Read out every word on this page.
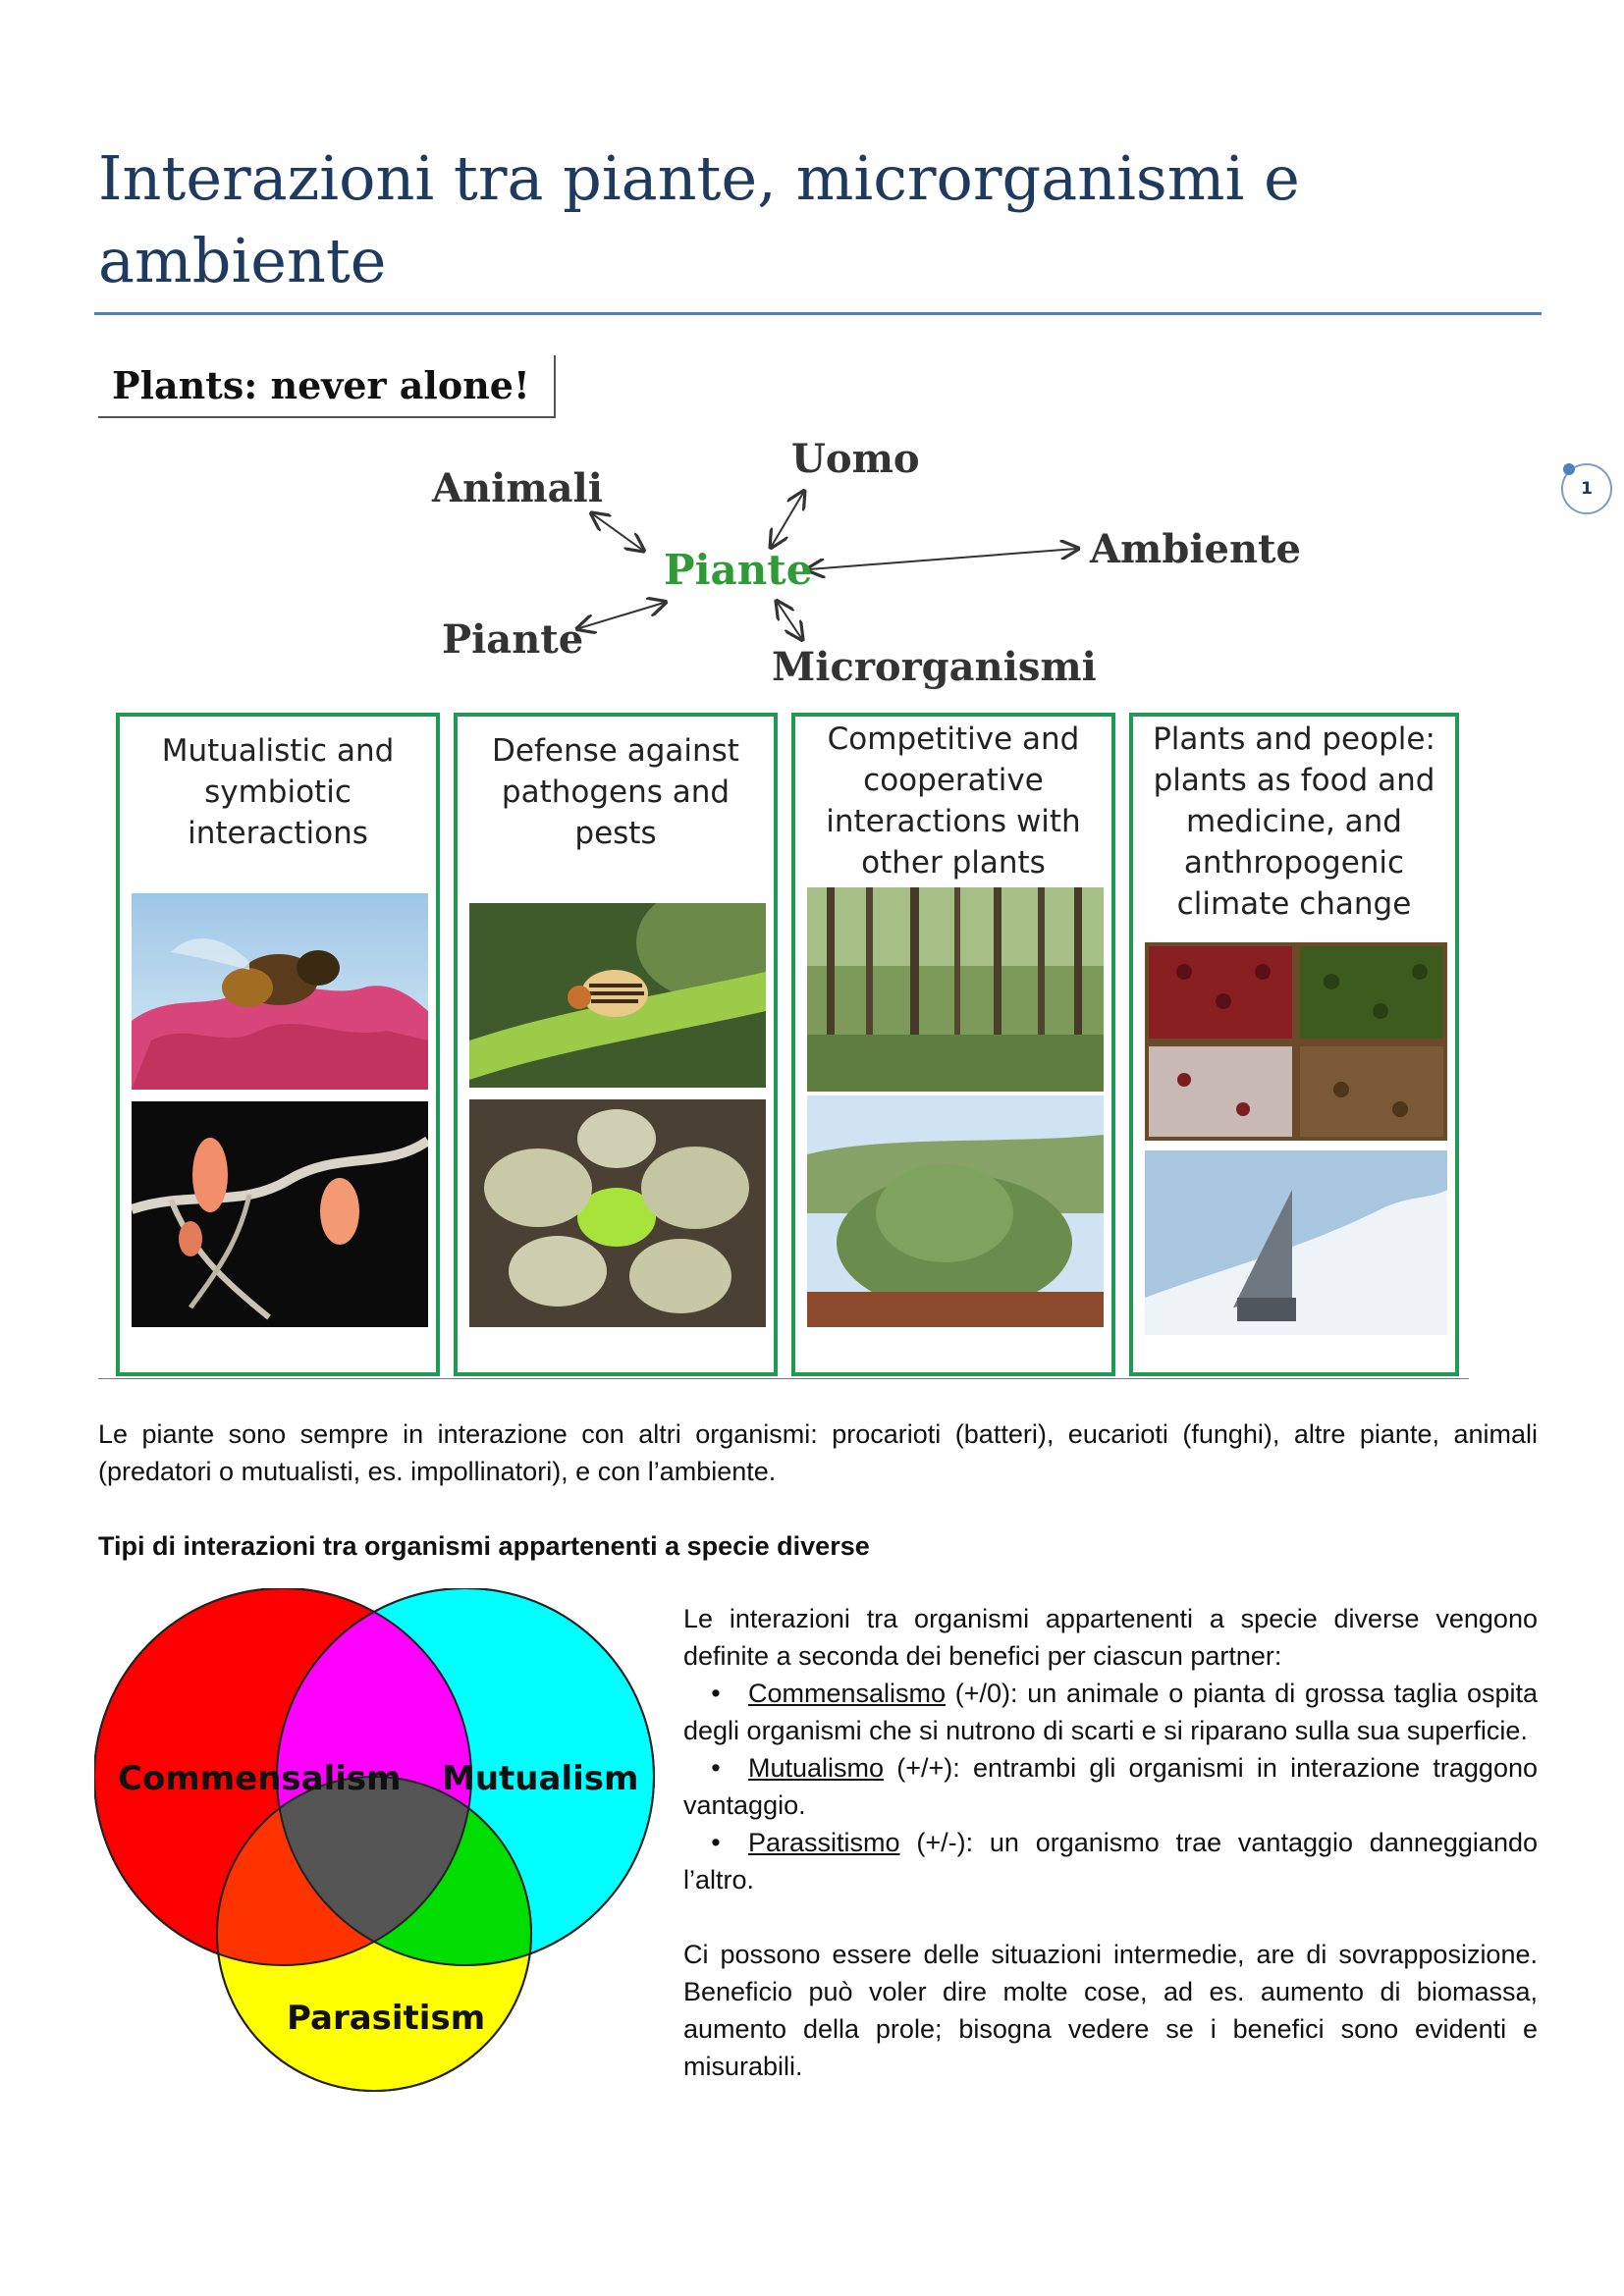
Interazioni tra piante, microrganismi e ambiente
1
Plants: never alone!
Animali
Uomo
Ambiente
Piante
Piante
Microrganismi
Mutualistic and symbiotic interactions
Defense against pathogens and pests
Competitive and cooperative interactions with other plants
Plants and people: plants as food and medicine, and anthropogenic climate change

Le piante sono sempre in interazione con altri organismi: procarioti (batteri), eucarioti (funghi), altre piante, animali (predatori o mutualisti, es. impollinatori), e con l’ambiente.

Tipi di interazioni tra organismi appartenenti a specie diverse
Commensalism Mutualism
Parasitism

Le interazioni tra organismi appartenenti a specie diverse vengono definite a seconda dei benefici per ciascun partner:

• Commensalismo (+/0): un animale o pianta di grossa taglia ospita degli organismi che si nutrono di scarti e si riparano sulla sua superficie.

• Mutualismo (+/+): entrambi gli organismi in interazione traggono vantaggio.

• Parassitismo (+/-): un organismo trae vantaggio danneggiando l’altro.

Ci possono essere delle situazioni intermedie, are di sovrapposizione. Beneficio può voler dire molte cose, ad es. aumento di biomassa, aumento della prole; bisogna vedere se i benefici sono evidenti e misurabili.
